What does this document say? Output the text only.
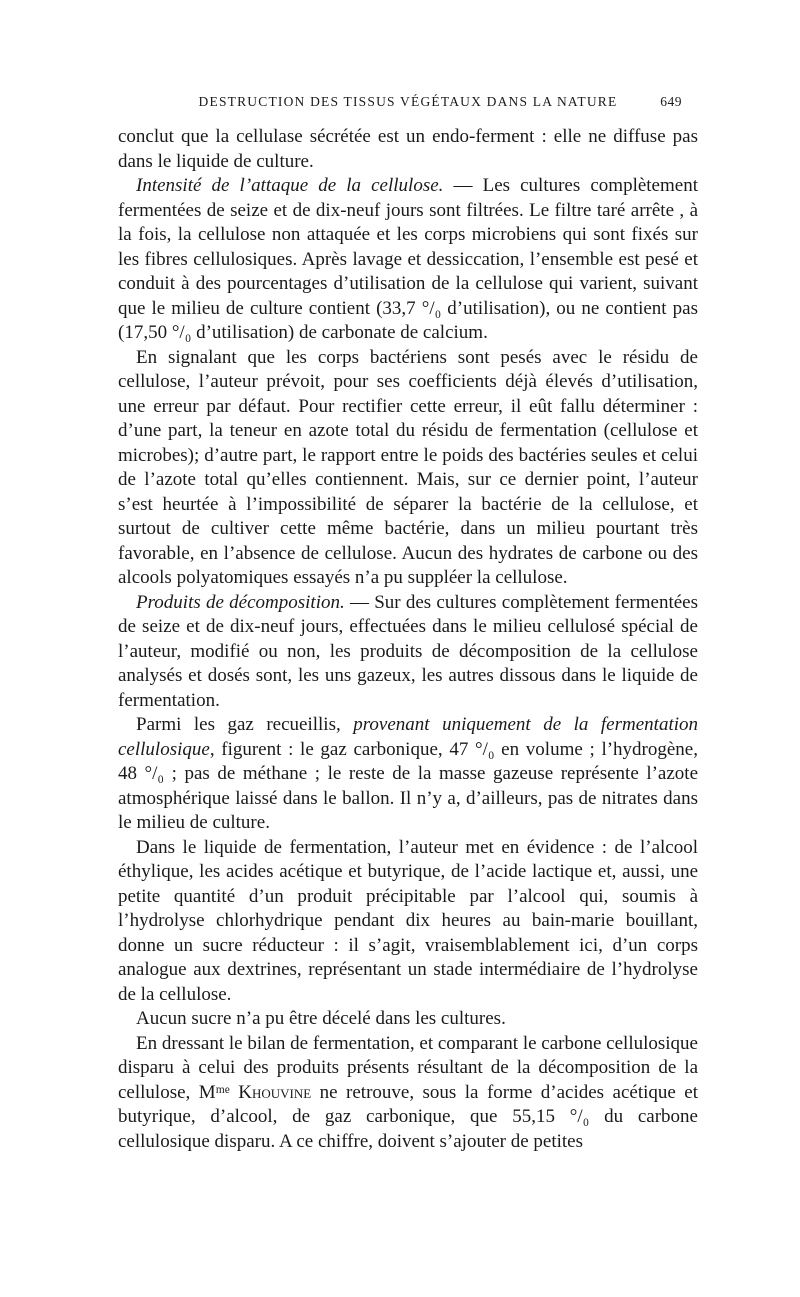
DESTRUCTION DES TISSUS VÉGÉTAUX DANS LA NATURE	649

conclut que la cellulase sécrétée est un endo-ferment : elle ne diffuse pas dans le liquide de culture.

Intensité de l’attaque de la cellulose. — Les cultures complètement fermentées de seize et de dix-neuf jours sont filtrées. Le filtre taré arrête , à la fois, la cellulose non attaquée et les corps microbiens qui sont fixés sur les fibres cellulosiques. Après lavage et dessiccation, l’ensemble est pesé et conduit à des pourcentages d’utilisation de la cellulose qui varient, suivant que le milieu de culture contient (33,7 °/₀ d’utilisation), ou ne contient pas (17,50 °/₀ d’utilisation) de carbonate de calcium.

En signalant que les corps bactériens sont pesés avec le résidu de cellulose, l’auteur prévoit, pour ses coefficients déjà élevés d’utilisation, une erreur par défaut. Pour rectifier cette erreur, il eût fallu déterminer : d’une part, la teneur en azote total du résidu de fermentation (cellulose et microbes); d’autre part, le rapport entre le poids des bactéries seules et celui de l’azote total qu’elles contiennent. Mais, sur ce dernier point, l’auteur s’est heurtée à l’impossibilité de séparer la bactérie de la cellulose, et surtout de cultiver cette même bactérie, dans un milieu pourtant très favorable, en l’absence de cellulose. Aucun des hydrates de carbone ou des alcools polyatomiques essayés n’a pu suppléer la cellulose.

Produits de décomposition. — Sur des cultures complètement fermentées de seize et de dix-neuf jours, effectuées dans le milieu cellulosé spécial de l’auteur, modifié ou non, les produits de décomposition de la cellulose analysés et dosés sont, les uns gazeux, les autres dissous dans le liquide de fermentation.

Parmi les gaz recueillis, provenant uniquement de la fermentation cellulosique, figurent : le gaz carbonique, 47 °/₀ en volume ; l’hydrogène, 48 °/₀ ; pas de méthane ; le reste de la masse gazeuse représente l’azote atmosphérique laissé dans le ballon. Il n’y a, d’ailleurs, pas de nitrates dans le milieu de culture.

Dans le liquide de fermentation, l’auteur met en évidence : de l’alcool éthylique, les acides acétique et butyrique, de l’acide lactique et, aussi, une petite quantité d’un produit précipitable par l’alcool qui, soumis à l’hydrolyse chlorhydrique pendant dix heures au bain-marie bouillant, donne un sucre réducteur : il s’agit, vraisemblablement ici, d’un corps analogue aux dextrines, représentant un stade intermédiaire de l’hydrolyse de la cellulose.

Aucun sucre n’a pu être décelé dans les cultures.

En dressant le bilan de fermentation, et comparant le carbone cellulosique disparu à celui des produits présents résultant de la décomposition de la cellulose, Mᵐᵉ Khouvine ne retrouve, sous la forme d’acides acétique et butyrique, d’alcool, de gaz carbonique, que 55,15 °/₀ du carbone cellulosique disparu. A ce chiffre, doivent s’ajouter de petites
